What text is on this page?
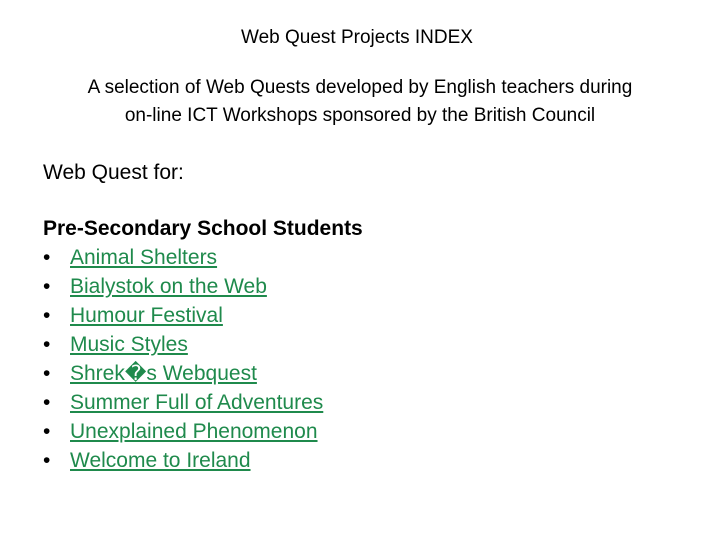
Web Quest Projects INDEX
A selection of Web Quests developed by English teachers during
on-line ICT Workshops sponsored by the British Council
Web Quest for:
Pre-Secondary School Students
• Animal Shelters
• Bialystok on the Web
• Humour Festival
• Music Styles
• Shrek�s Webquest
• Summer Full of Adventures
• Unexplained Phenomenon
• Welcome to Ireland
